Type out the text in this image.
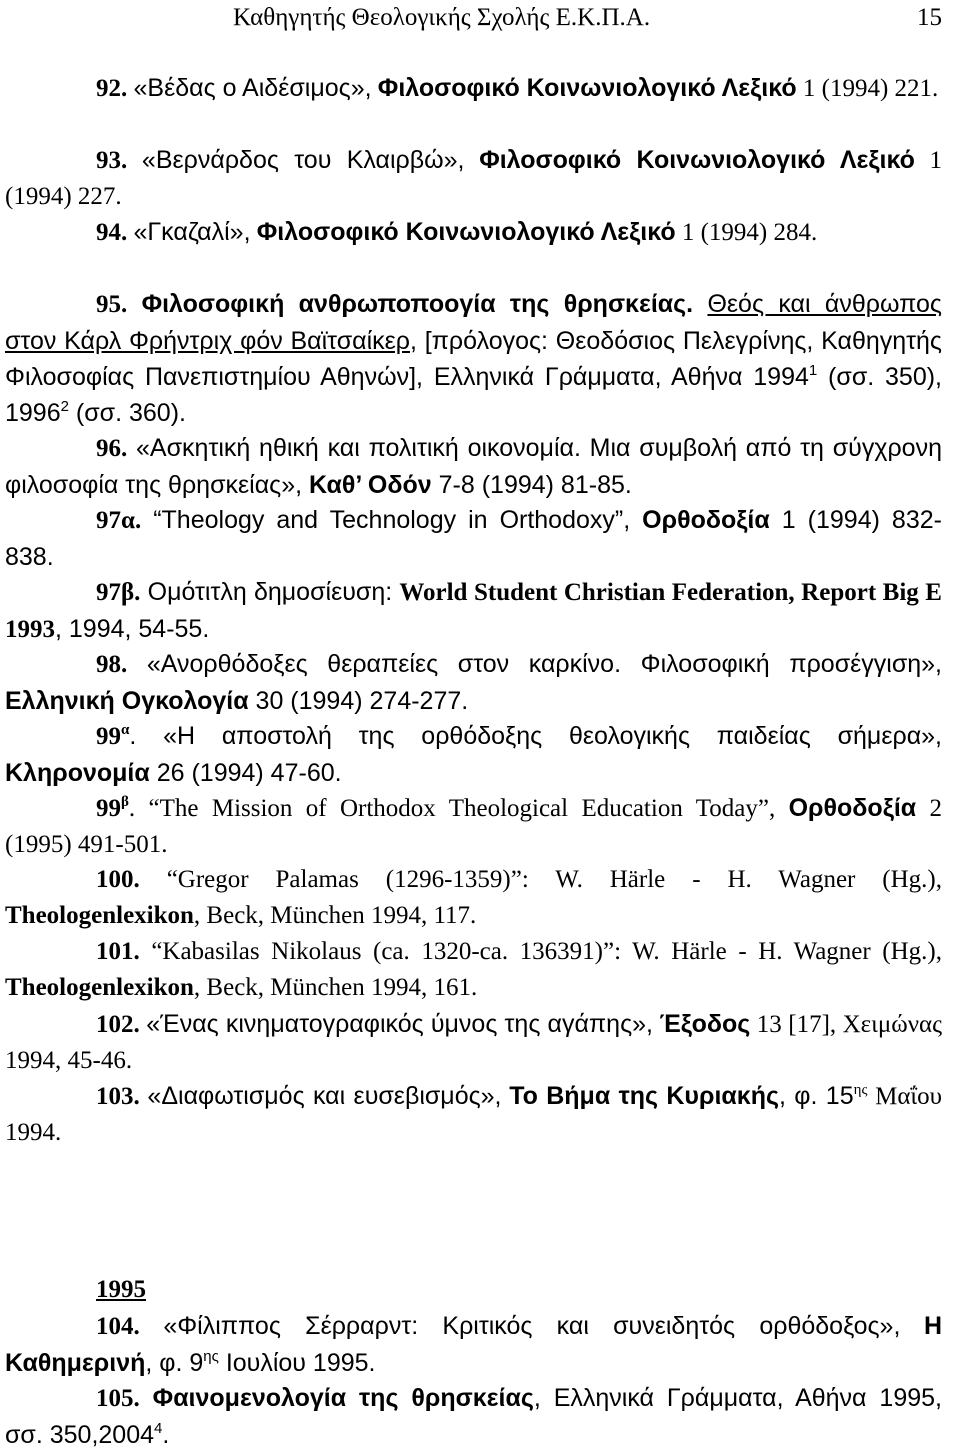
Καθηγητής Θεολογικής Σχολής Ε.Κ.Π.Α.	15
92. «Βέδας ο Αιδέσιμος», Φιλοσοφικό Κοινωνιολογικό Λεξικό 1 (1994) 221.
93. «Βερνάρδος του Κλαιρβώ», Φιλοσοφικό Κοινωνιολογικό Λεξικό 1 (1994) 227.
94. «Γκαζαλί», Φιλοσοφικό Κοινωνιολογικό Λεξικό 1 (1994) 284.
95. Φιλοσοφική ανθρωποποογία της θρησκείας. Θεός και άνθρωπος στον Κάρλ Φρήντριχ φόν Βαϊτσαίκερ, [πρόλογος: Θεοδόσιος Πελεγρίνης, Καθηγητής Φιλοσοφίας Πανεπιστημίου Αθηνών], Ελληνικά Γράμματα, Αθήνα 1994$^1$ (σσ. 350), 1996$^2$ (σσ. 360).
96. «Ασκητική ηθική και πολιτική οικονομία. Μια συμβολή από τη σύγχρονη φιλοσοφία της θρησκείας», Καθ’ Οδόν 7-8 (1994) 81-85.
97α. “Theology and Technology in Orthodoxy”, Ορθοδοξία 1 (1994) 832-838.
97β. Ομότιτλη δημοσίευση: World Student Christian Federation, Report Big E 1993, 1994, 54-55.
98. «Ανορθόδοξες θεραπείες στον καρκίνο. Φιλοσοφική προσέγγιση», Ελληνική Ογκολογία 30 (1994) 274-277.
$99^\alpha$. «Η αποστολή της ορθόδοξης θεολογικής παιδείας σήμερα», Κληρονομία 26 (1994) 47-60.
$99^\beta$. “The Mission of Orthodox Theological Education Today”, Ορθοδοξία 2 (1995) 491-501.
100. “Gregor Palamas (1296-1359)”: W. Härle - H. Wagner (Hg.), Theologenlexikon, Beck, München 1994, 117.
101. “Kabasilas Nikolaus (ca. 1320-ca. 136391)”: W. Härle - H. Wagner (Hg.), Theologenlexikon, Beck, München 1994, 161.
102. «Ένας κινηματογραφικός ύμνος της αγάπης», Έξοδος 13 [17], Χειμώνας 1994, 45-46.
103. «Διαφωτισμός και ευσεβισμός», Το Βήμα της Κυριακής, φ. $15^{\eta\varsigma}$ Μαΐου 1994.
1995
104. «Φίλιππος Σέρραρντ: Κριτικός και συνειδητός ορθόδοξος», Η Καθημερινή, φ. $9^{\eta\varsigma}$ Ιουλίου 1995.
105. Φαινομενολογία της θρησκείας, Ελληνικά Γράμματα, Αθήνα 1995, σσ. 350,2004$^4$.
